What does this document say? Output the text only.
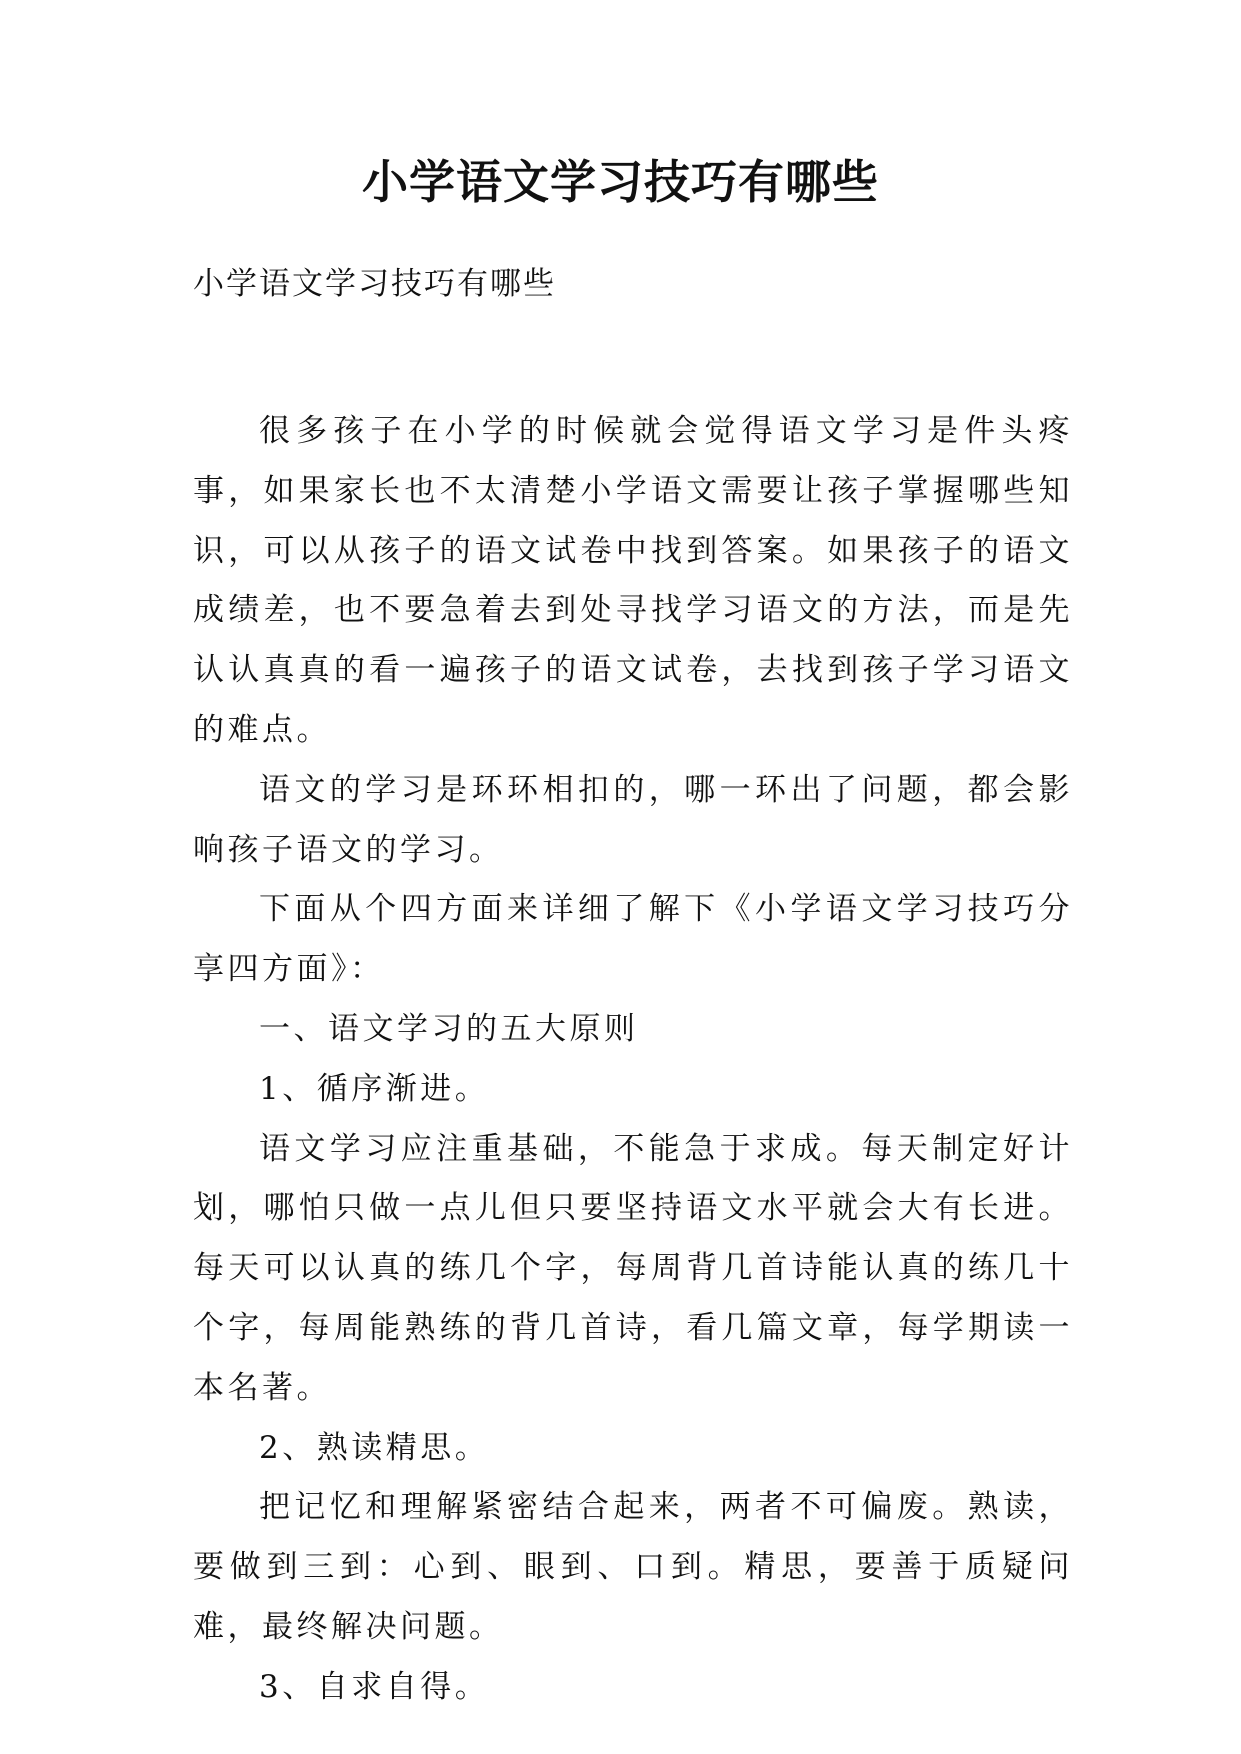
小学语文学习技巧有哪些

小学语文学习技巧有哪些

很多孩子在小学的时候就会觉得语文学习是件头疼事，如果家长也不太清楚小学语文需要让孩子掌握哪些知识，可以从孩子的语文试卷中找到答案。如果孩子的语文成绩差，也不要急着去到处寻找学习语文的方法，而是先认认真真的看一遍孩子的语文试卷，去找到孩子学习语文的难点。

语文的学习是环环相扣的，哪一环出了问题，都会影响孩子语文的学习。

下面从个四方面来详细了解下《小学语文学习技巧分享四方面》：

一、语文学习的五大原则

1、循序渐进。

语文学习应注重基础，不能急于求成。每天制定好计划，哪怕只做一点儿但只要坚持语文水平就会大有长进。每天可以认真的练几个字，每周背几首诗能认真的练几十个字，每周能熟练的背几首诗，看几篇文章，每学期读一本名著。

2、熟读精思。

把记忆和理解紧密结合起来，两者不可偏废。熟读，要做到三到：心到、眼到、口到。精思，要善于质疑问难，最终解决问题。

3、自求自得。
